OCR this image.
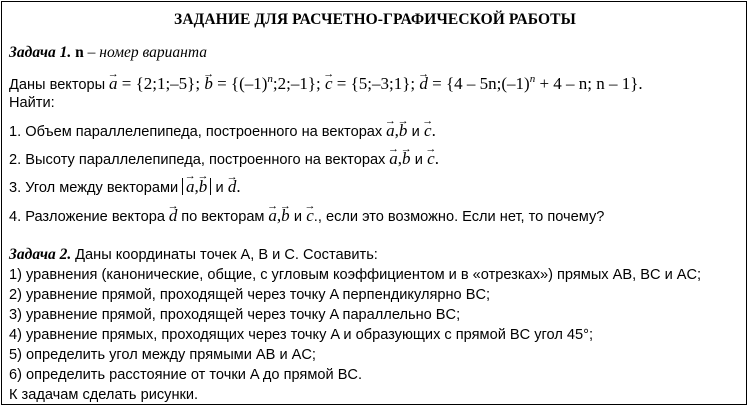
ЗАДАНИЕ ДЛЯ РАСЧЕТНО-ГРАФИЧЕСКОЙ РАБОТЫ
Задача 1. n – номер варианта
Даны векторы → a = {2;1;–5}; → $b = \{(-1)^n;2;-1\}$; → c = {5;–3;1}; → $d = \{4 - 5n;(-1)^n + 4 - n$; n – 1}.
Найти:
1. Объем параллелепипеда, построенного на векторах → a,→ b и → c.
2. Высоту параллелепипеда, построенного на векторах → a,→ b и → c.
3. Угол между векторами → a,→ b и → d.
4. Разложение вектора → d по векторам → a,→ b и → c., если это возможно. Если нет, то почему?
Задача 2. Даны координаты точек A, B и C. Составить:
1) уравнения (канонические, общие, с угловым коэффициентом и в «отрезках») прямых AB, BC и AC;
2) уравнение прямой, проходящей через точку A перпендикулярно BC;
3) уравнение прямой, проходящей через точку A параллельно BC;
4) уравнение прямых, проходящих через точку A и образующих с прямой BC угол 45°;
5) определить угол между прямыми AB и AC;
6) определить расстояние от точки A до прямой BC.
К задачам сделать рисунки.
